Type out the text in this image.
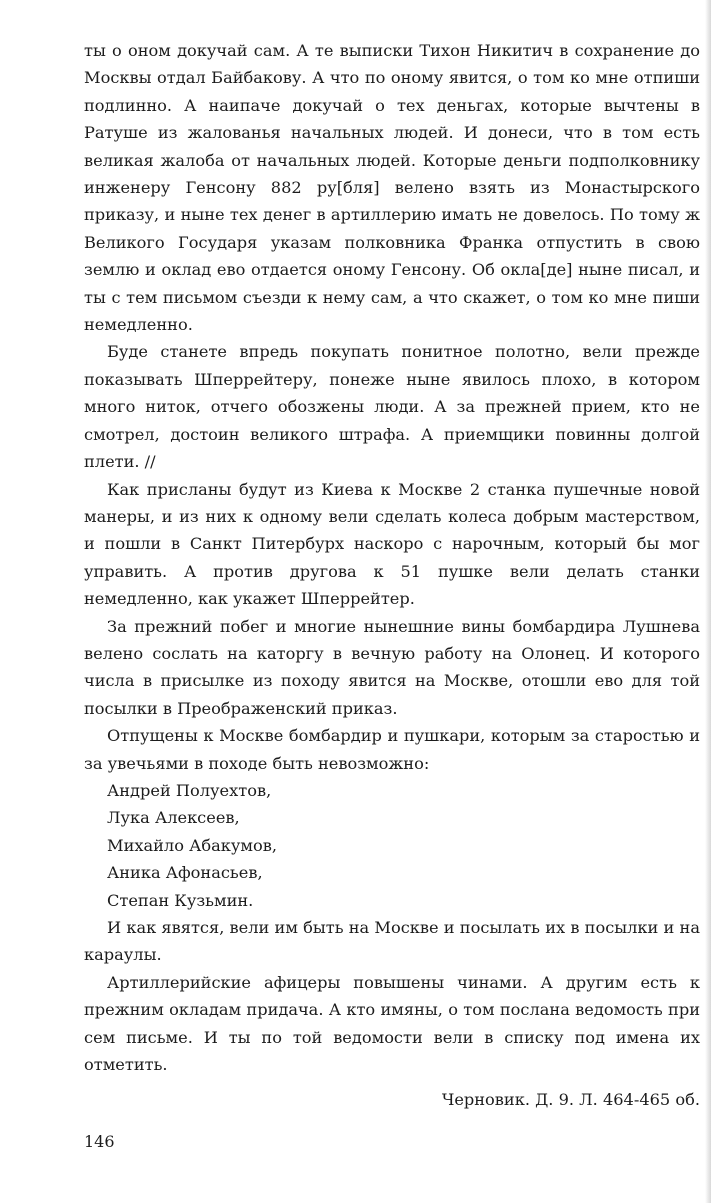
ты о оном докучай сам. А те выписки Тихон Никитич в сохранение до Москвы отдал Байбакову. А что по оному явится, о том ко мне отпиши подлинно. А наипаче докучай о тех деньгах, которые вычтены в Ратуше из жалованья начальных людей. И донеси, что в том есть великая жалоба от начальных людей. Которые деньги подполковнику инженеру Генсону 882 ру[бля] велено взять из Монастырского приказу, и ныне тех денег в артиллерию имать не довелось. По тому ж Великого Государя указам полковника Франка отпустить в свою землю и оклад ево отдается оному Генсону. Об окла[де] ныне писал, и ты с тем письмом съезди к нему сам, а что скажет, о том ко мне пиши немедленно.

Буде станете впредь покупать понитное полотно, вели прежде показывать Шперрейтеру, понеже ныне явилось плохо, в котором много ниток, отчего обозжены люди. А за прежней прием, кто не смотрел, достоин великого штрафа. А приемщики повинны долгой плети. //

Как присланы будут из Киева к Москве 2 станка пушечные новой манеры, и из них к одному вели сделать колеса добрым мастерством, и пошли в Санкт Питербурх наскоро с нарочным, который бы мог управить. А против другова к 51 пушке вели делать станки немедленно, как укажет Шперрейтер.

За прежний побег и многие нынешние вины бомбардира Лушнева велено сослать на каторгу в вечную работу на Олонец. И которого числа в присылке из походу явится на Москве, отошли ево для той посылки в Преображенский приказ.

Отпущены к Москве бомбардир и пушкари, которым за старостью и за увечьями в походе быть невозможно:

Андрей Полуехтов,
Лука Алексеев,
Михайло Абакумов,
Аника Афонасьев,
Степан Кузьмин.

И как явятся, вели им быть на Москве и посылать их в посылки и на караулы.

Артиллерийские афицеры повышены чинами. А другим есть к прежним окладам придача. А кто имяны, о том послана ведомость при сем письме. И ты по той ведомости вели в списку под имена их отметить.

Черновик. Д. 9. Л. 464-465 об.

146
